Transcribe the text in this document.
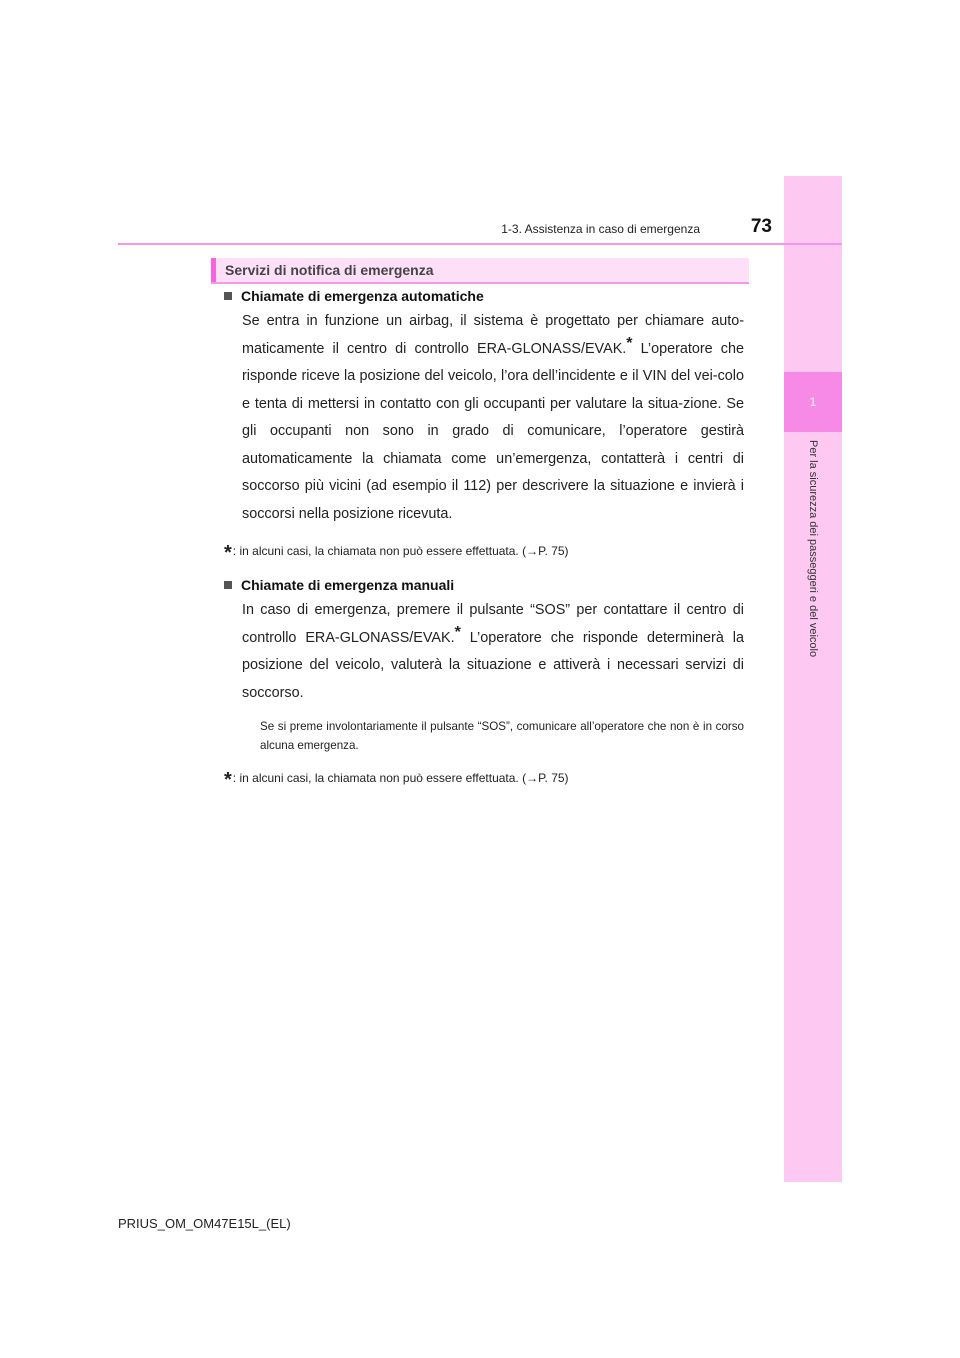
1
Per la sicurezza dei passeggeri e del veicolo
1-3. Assistenza in caso di emergenza	73
Servizi di notifica di emergenza
Chiamate di emergenza automatiche

Se entra in funzione un airbag, il sistema è progettato per chiamare auto-maticamente il centro di controllo ERA-GLONASS/EVAK.* L’operatore che risponde riceve la posizione del veicolo, l’ora dell’incidente e il VIN del vei-colo e tenta di mettersi in contatto con gli occupanti per valutare la situa-zione. Se gli occupanti non sono in grado di comunicare, l’operatore gestirà automaticamente la chiamata come un’emergenza, contatterà i centri di soccorso più vicini (ad esempio il 112) per descrivere la situazione e invierà i soccorsi nella posizione ricevuta.

*: in alcuni casi, la chiamata non può essere effettuata. (→P. 75)
Chiamate di emergenza manuali

In caso di emergenza, premere il pulsante “SOS” per contattare il centro di controllo ERA-GLONASS/EVAK.* L’operatore che risponde determinerà la posizione del veicolo, valuterà la situazione e attiverà i necessari servizi di soccorso.

Se si preme involontariamente il pulsante “SOS”, comunicare all’operatore che non è in corso alcuna emergenza.

*: in alcuni casi, la chiamata non può essere effettuata. (→P. 75)
PRIUS_OM_OM47E15L_(EL)
